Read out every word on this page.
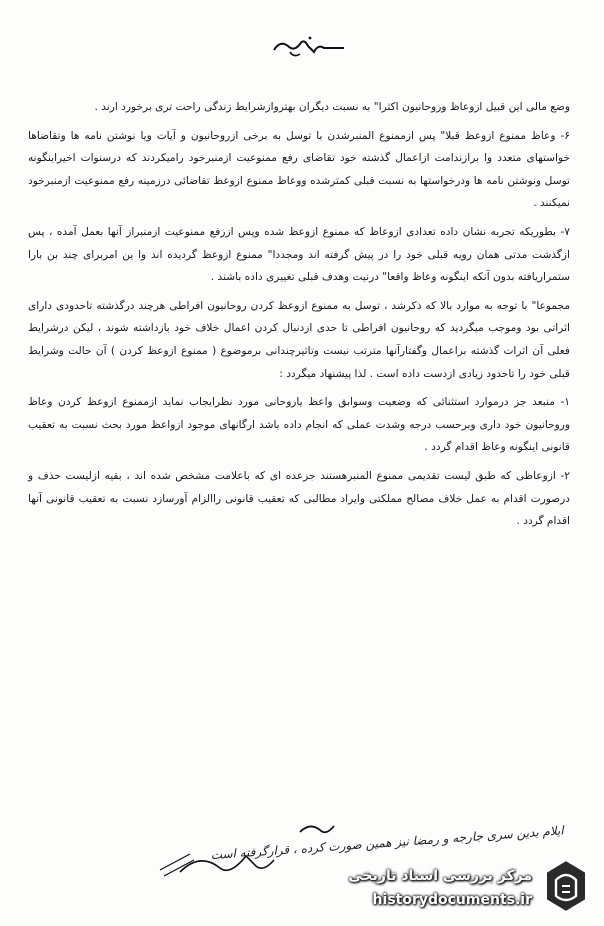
وضع مالی این قبیل ازوعاظ وروحانیون اکثرا" به نسبت دیگران بهتروازشرایط زندگی راحت تری برخورد ارند .

۶- وعاظ ممنوع ازوعظ قبلا" پس ازممنوع المنبرشدن با توسل به برخی ازروحانیون و آیات ویا نوشتن نامه ها وتقاضاها خواستهای متعدد وا برازندامت ازاعمال گذشته خود تقاضای رفع ممنوعیت ازمنبرخود رامیکردند که درسنوات اخیراینگونه توسل ونوشتن نامه ها ودرخواستها به نسبت قبلی کمترشده ووعاظ ممنوع ازوعظ تقاضائی درزمینه رفع ممنوعیت ازمنبرخود نمیکنند .

۷- بطوریکه تجربه نشان داده تعدادی ازوعاظ که ممنوع ازوعظ شده وپس ازرفع ممنوعیت ازمنبراز آنها بعمل آمده ، پس ازگذشت مدتی همان رویه قبلی خود را در پیش گرفته اند ومجددا" ممنوع ازوعظ گردیده اند وا ین امربرای چند بن بارا ستمراریافته بدون آنکه اینگونه وعاظ واقعا" درنیت وهدف قبلی تغییری داده باشند .

مجموعا" با توجه به موارد بالا که ذکرشد ، توسل به ممنوع ازوعظ کردن روحانیون افراطی هرچند درگذشته تاحدودی دارای اثراتی بود وموجب میگردید که روحانیون افراطی تا حدی ازدنبال کردن اعمال خلاف خود بازداشته شوند ، لیکن درشرایط فعلی آن اثرات گذشته براعمال وگفتارآنها مترتب نیست وتاثیرچندانی برموضوع ( ممنوع ازوعظ کردن ) آن حالت وشرایط قبلی خود را تاحدود زیادی ازدست داده است . لذا پیشنهاد میگردد :

۱- منبعد جز درموارد استثنائی که وضعیت وسوابق واعظ یاروحانی مورد نظرایجاب نماید ازممنوع ازوعظ کردن وعاظ وروحانیون خود داری وبرحسب درجه وشدت عملی که انجام داده باشد ارگانهای موجود ازواعظ مورد بحث نسبت به تعقیب قانونی اینگونه وعاظ اقدام گردد .

۲- ازوعاظی که طبق لیست تقدیمی ممنوع المنبرهستند جزعده ای که باعلامت مشخص شده اند ، بقیه ازلیست حذف و درصورت اقدام به عمل خلاف مصالح مملکتی وایراد مطالبی که تعقیب قانونی راالزام آورسازد نسبت به تعقیب قانونی آنها اقدام گردد .

ایلام بدین سری جارجه و رمضا نیز همین صورت کرده ، قرارگرفته است
مرکز بررسی اسناد تاریخی
historydocuments.ir
